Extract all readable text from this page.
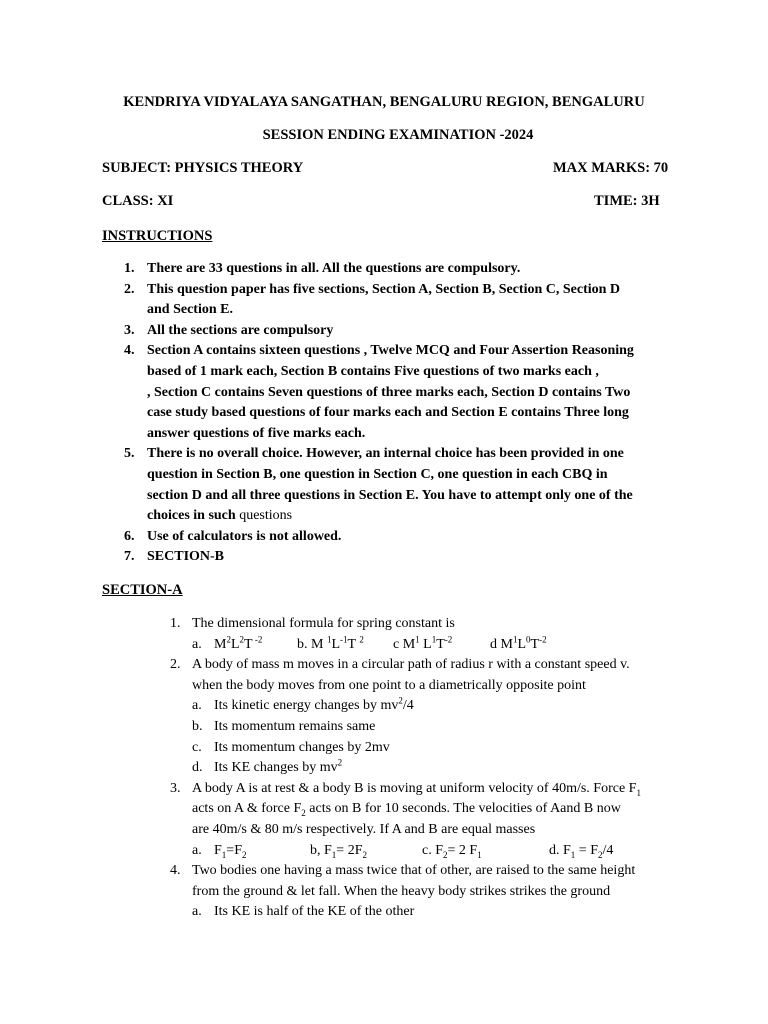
KENDRIYA VIDYALAYA SANGATHAN, BENGALURU REGION, BENGALURU
SESSION ENDING EXAMINATION -2024
SUBJECT: PHYSICS THEORY	MAX MARKS: 70
CLASS: XI	TIME: 3H
INSTRUCTIONS
1. There are 33 questions in all. All the questions are compulsory.
2. This question paper has five sections, Section A, Section B, Section C, Section D
and Section E.
3. All the sections are compulsory
4. Section A contains sixteen questions , Twelve MCQ and Four Assertion Reasoning
based of 1 mark each, Section B contains Five questions of two marks each ,
, Section C contains Seven questions of three marks each, Section D contains Two
case study based questions of four marks each and Section E contains Three long
answer questions of five marks each.
5. There is no overall choice. However, an internal choice has been provided in one
question in Section B, one question in Section C, one question in each CBQ in
section D and all three questions in Section E. You have to attempt only one of the
choices in such questions
6. Use of calculators is not allowed.
7. SECTION-B
SECTION-A
1. The dimensional formula for spring constant is
a. $M^2L^2T$ $^{-2}$ b. M $^1L^{-1}T$ $^2$ c $M^1$ $L^1T^{-2}$	d $M^1L^0T^{-2}$
2. A body of mass m moves in a circular path of radius r with a constant speed v.
when the body moves from one point to a diametrically opposite point
a. Its kinetic energy changes by $mv^2/4$
b. Its momentum remains same
c. Its momentum changes by 2mv
d. Its KE changes by $mv^2$
3. A body A is at rest & a body B is moving at uniform velocity of 40m/s. Force $F_1$
acts on A & force $F_2$ acts on B for 10 seconds. The velocities of Aand B now
are 40m/s & 80 m/s respectively. If A and B are equal masses
a. $F_1=F_2$	b, $F_1= 2F_2$	c. $F_2= 2$ $F_1$	d. $F_1 = F_2/4$
4. Two bodies one having a mass twice that of other, are raised to the same height
from the ground & let fall. When the heavy body strikes strikes the ground
a. Its KE is half of the KE of the other
